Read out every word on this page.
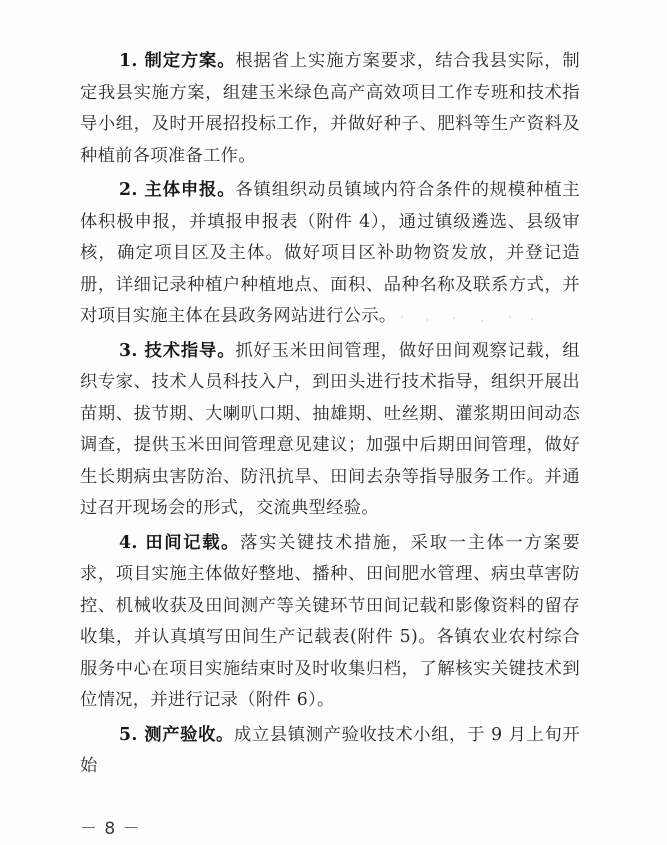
1. 制定方案。根据省上实施方案要求，结合我县实际，制定我县实施方案，组建玉米绿色高产高效项目工作专班和技术指导小组，及时开展招投标工作，并做好种子、肥料等生产资料及种植前各项准备工作。

2. 主体申报。各镇组织动员镇域内符合条件的规模种植主体积极申报，并填报申报表（附件 4），通过镇级遴选、县级审核，确定项目区及主体。做好项目区补助物资发放，并登记造册，详细记录种植户种植地点、面积、品种名称及联系方式，并对项目实施主体在县政务网站进行公示。

3. 技术指导。抓好玉米田间管理，做好田间观察记载，组织专家、技术人员科技入户，到田头进行技术指导，组织开展出苗期、拔节期、大喇叭口期、抽雄期、吐丝期、灌浆期田间动态调查，提供玉米田间管理意见建议；加强中后期田间管理，做好生长期病虫害防治、防汛抗旱、田间去杂等指导服务工作。并通过召开现场会的形式，交流典型经验。

4. 田间记载。落实关键技术措施，采取一主体一方案要求，项目实施主体做好整地、播种、田间肥水管理、病虫草害防控、机械收获及田间测产等关键环节田间记载和影像资料的留存收集，并认真填写田间生产记载表(附件 5)。各镇农业农村综合服务中心在项目实施结束时及时收集归档，了解核实关键技术到位情况，并进行记录（附件 6）。

5. 测产验收。成立县镇测产验收技术小组，于 9 月上旬开始

－ 8 －
